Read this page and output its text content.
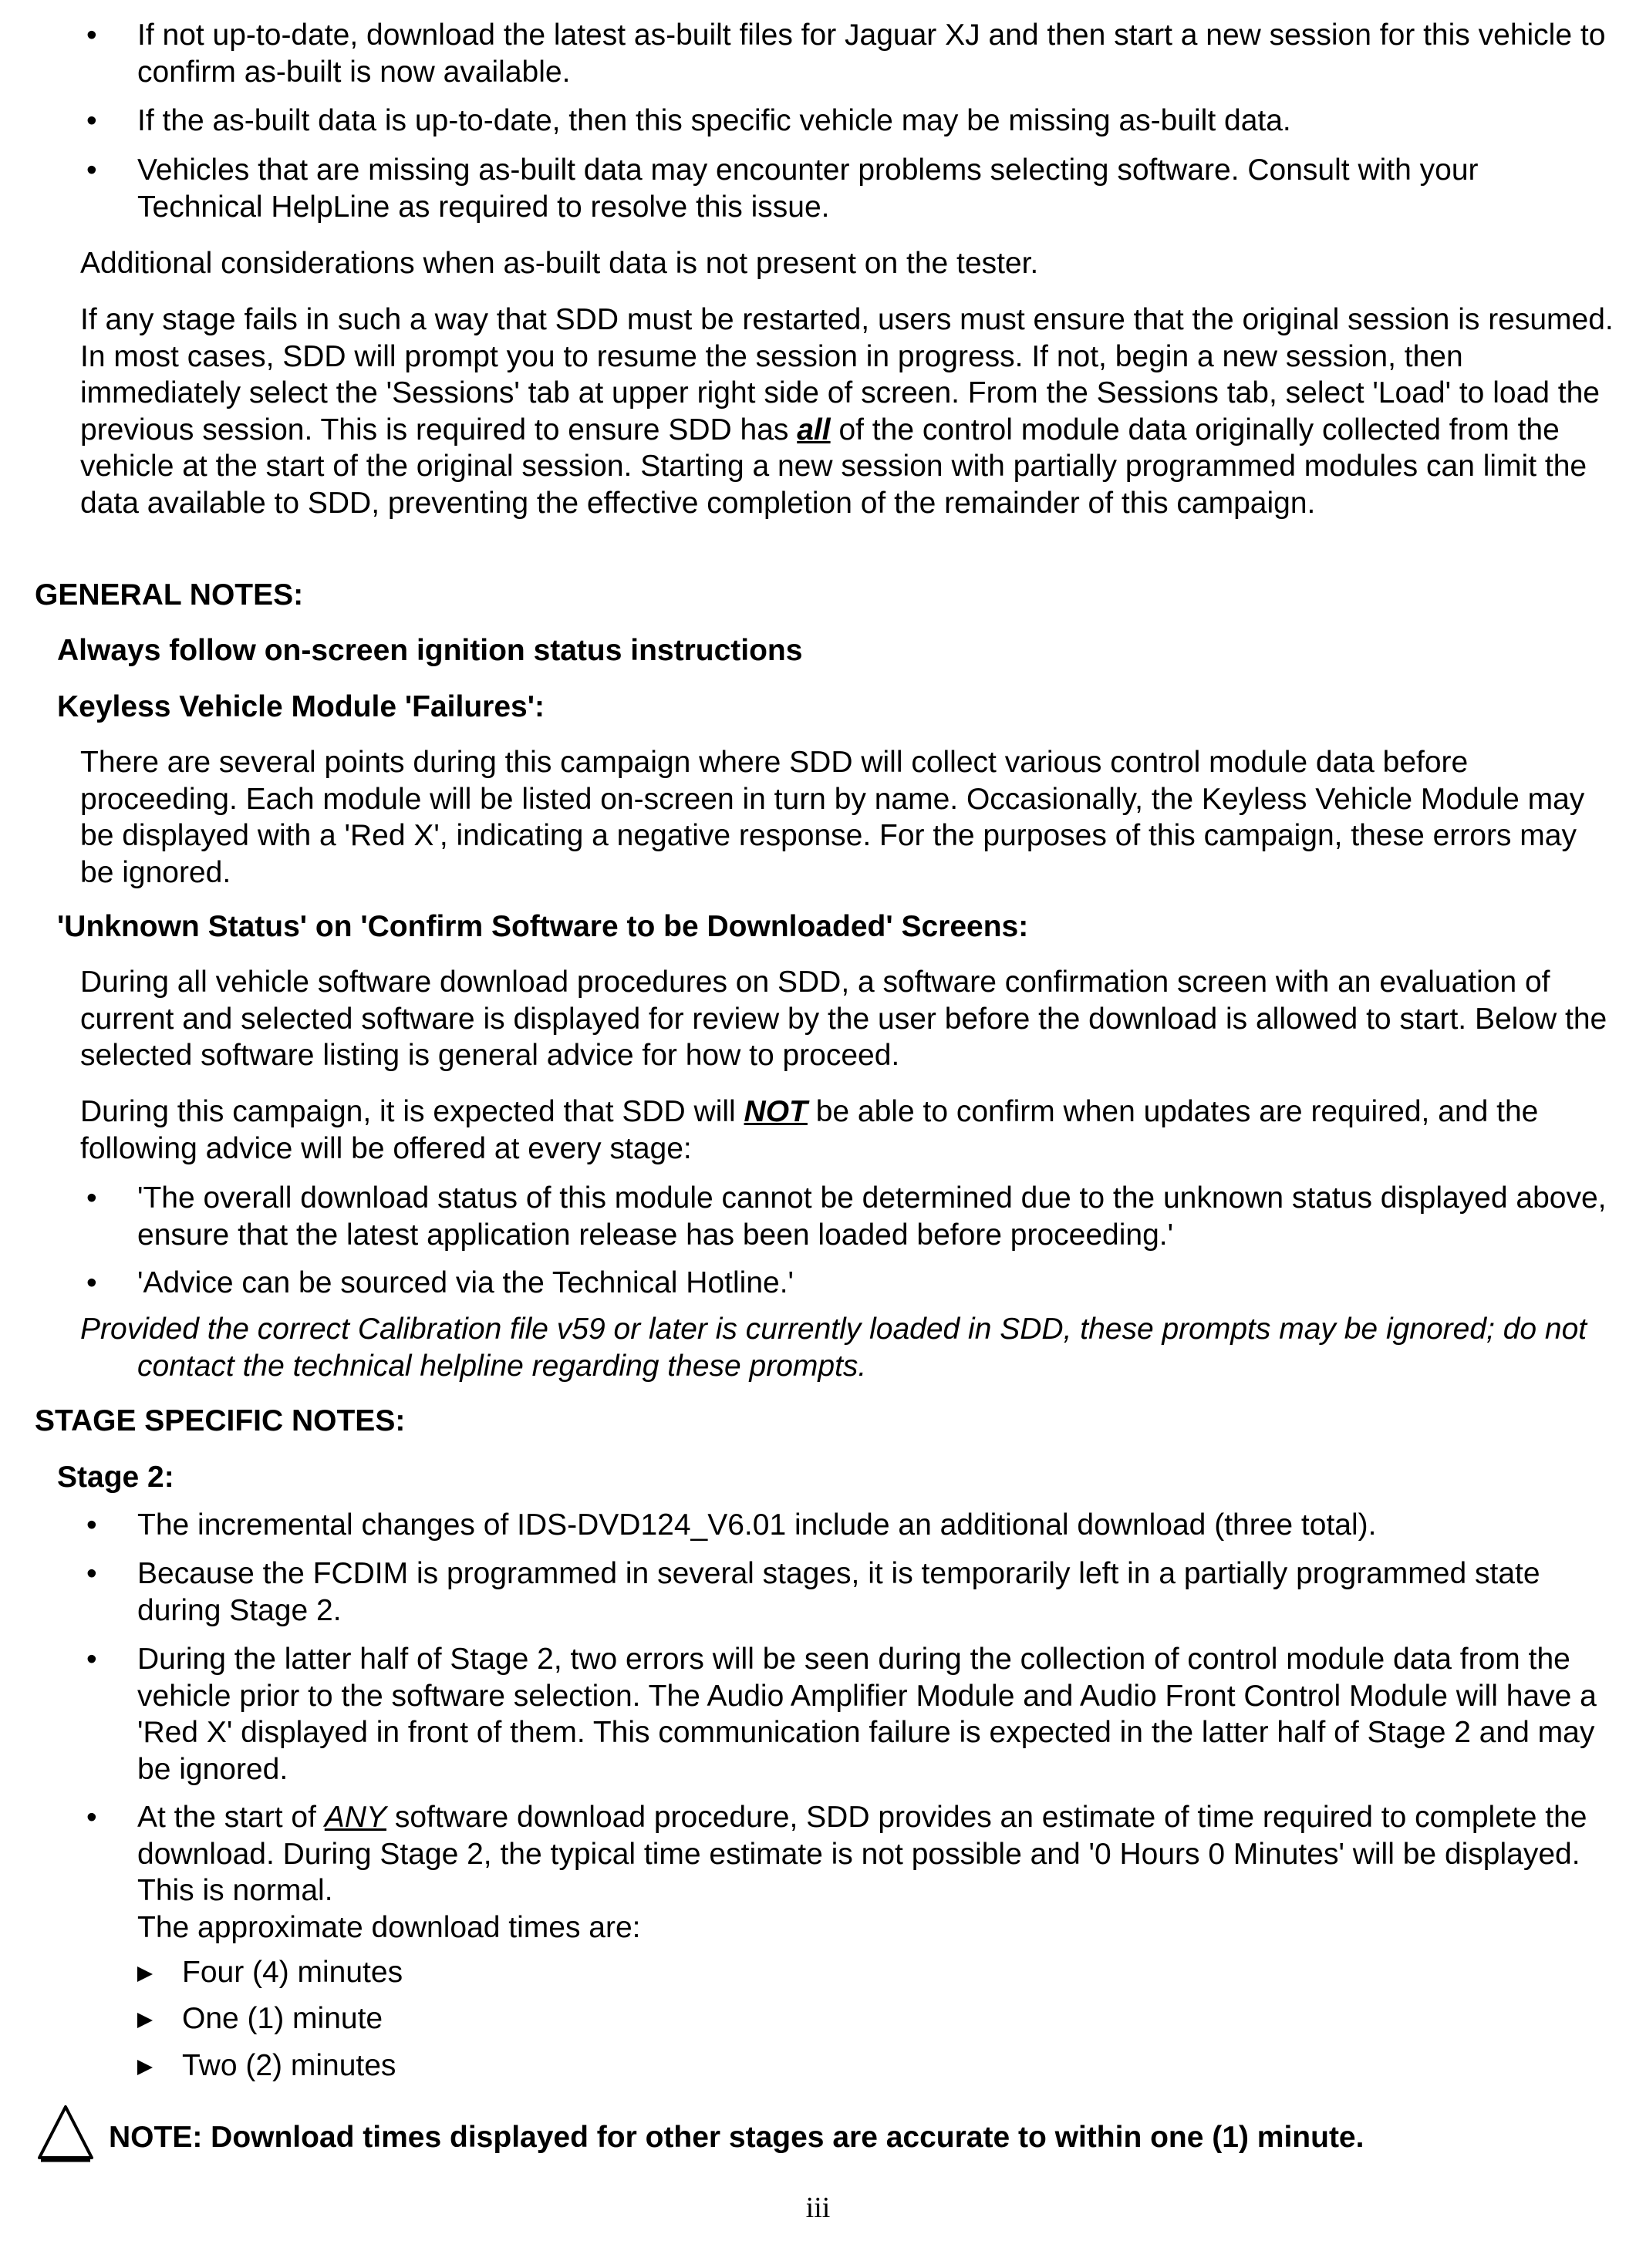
• If not up-to-date, download the latest as-built files for Jaguar XJ and then start a new session for this vehicle to confirm as-built is now available.
• If the as-built data is up-to-date, then this specific vehicle may be missing as-built data.
• Vehicles that are missing as-built data may encounter problems selecting software. Consult with your Technical HelpLine as required to resolve this issue.

Additional considerations when as-built data is not present on the tester.

If any stage fails in such a way that SDD must be restarted, users must ensure that the original session is resumed. In most cases, SDD will prompt you to resume the session in progress. If not, begin a new session, then immediately select the 'Sessions' tab at upper right side of screen. From the Sessions tab, select 'Load' to load the previous session. This is required to ensure SDD has all of the control module data originally collected from the vehicle at the start of the original session. Starting a new session with partially programmed modules can limit the data available to SDD, preventing the effective completion of the remainder of this campaign.

GENERAL NOTES:
Always follow on-screen ignition status instructions
Keyless Vehicle Module 'Failures':

There are several points during this campaign where SDD will collect various control module data before proceeding. Each module will be listed on-screen in turn by name. Occasionally, the Keyless Vehicle Module may be displayed with a 'Red X', indicating a negative response. For the purposes of this campaign, these errors may be ignored.

'Unknown Status' on 'Confirm Software to be Downloaded' Screens:

During all vehicle software download procedures on SDD, a software confirmation screen with an evaluation of current and selected software is displayed for review by the user before the download is allowed to start. Below the selected software listing is general advice for how to proceed.

During this campaign, it is expected that SDD will NOT be able to confirm when updates are required, and the following advice will be offered at every stage:

• 'The overall download status of this module cannot be determined due to the unknown status displayed above, ensure that the latest application release has been loaded before proceeding.'
• 'Advice can be sourced via the Technical Hotline.'

Provided the correct Calibration file v59 or later is currently loaded in SDD, these prompts may be ignored; do not contact the technical helpline regarding these prompts.

STAGE SPECIFIC NOTES:
Stage 2:
• The incremental changes of IDS-DVD124_V6.01 include an additional download (three total).
• Because the FCDIM is programmed in several stages, it is temporarily left in a partially programmed state during Stage 2.
• During the latter half of Stage 2, two errors will be seen during the collection of control module data from the vehicle prior to the software selection. The Audio Amplifier Module and Audio Front Control Module will have a 'Red X' displayed in front of them. This communication failure is expected in the latter half of Stage 2 and may be ignored.
• At the start of ANY software download procedure, SDD provides an estimate of time required to complete the download. During Stage 2, the typical time estimate is not possible and '0 Hours 0 Minutes' will be displayed. This is normal.
The approximate download times are:
Four (4) minutes
One (1) minute
Two (2) minutes
NOTE: Download times displayed for other stages are accurate to within one (1) minute.
iii
